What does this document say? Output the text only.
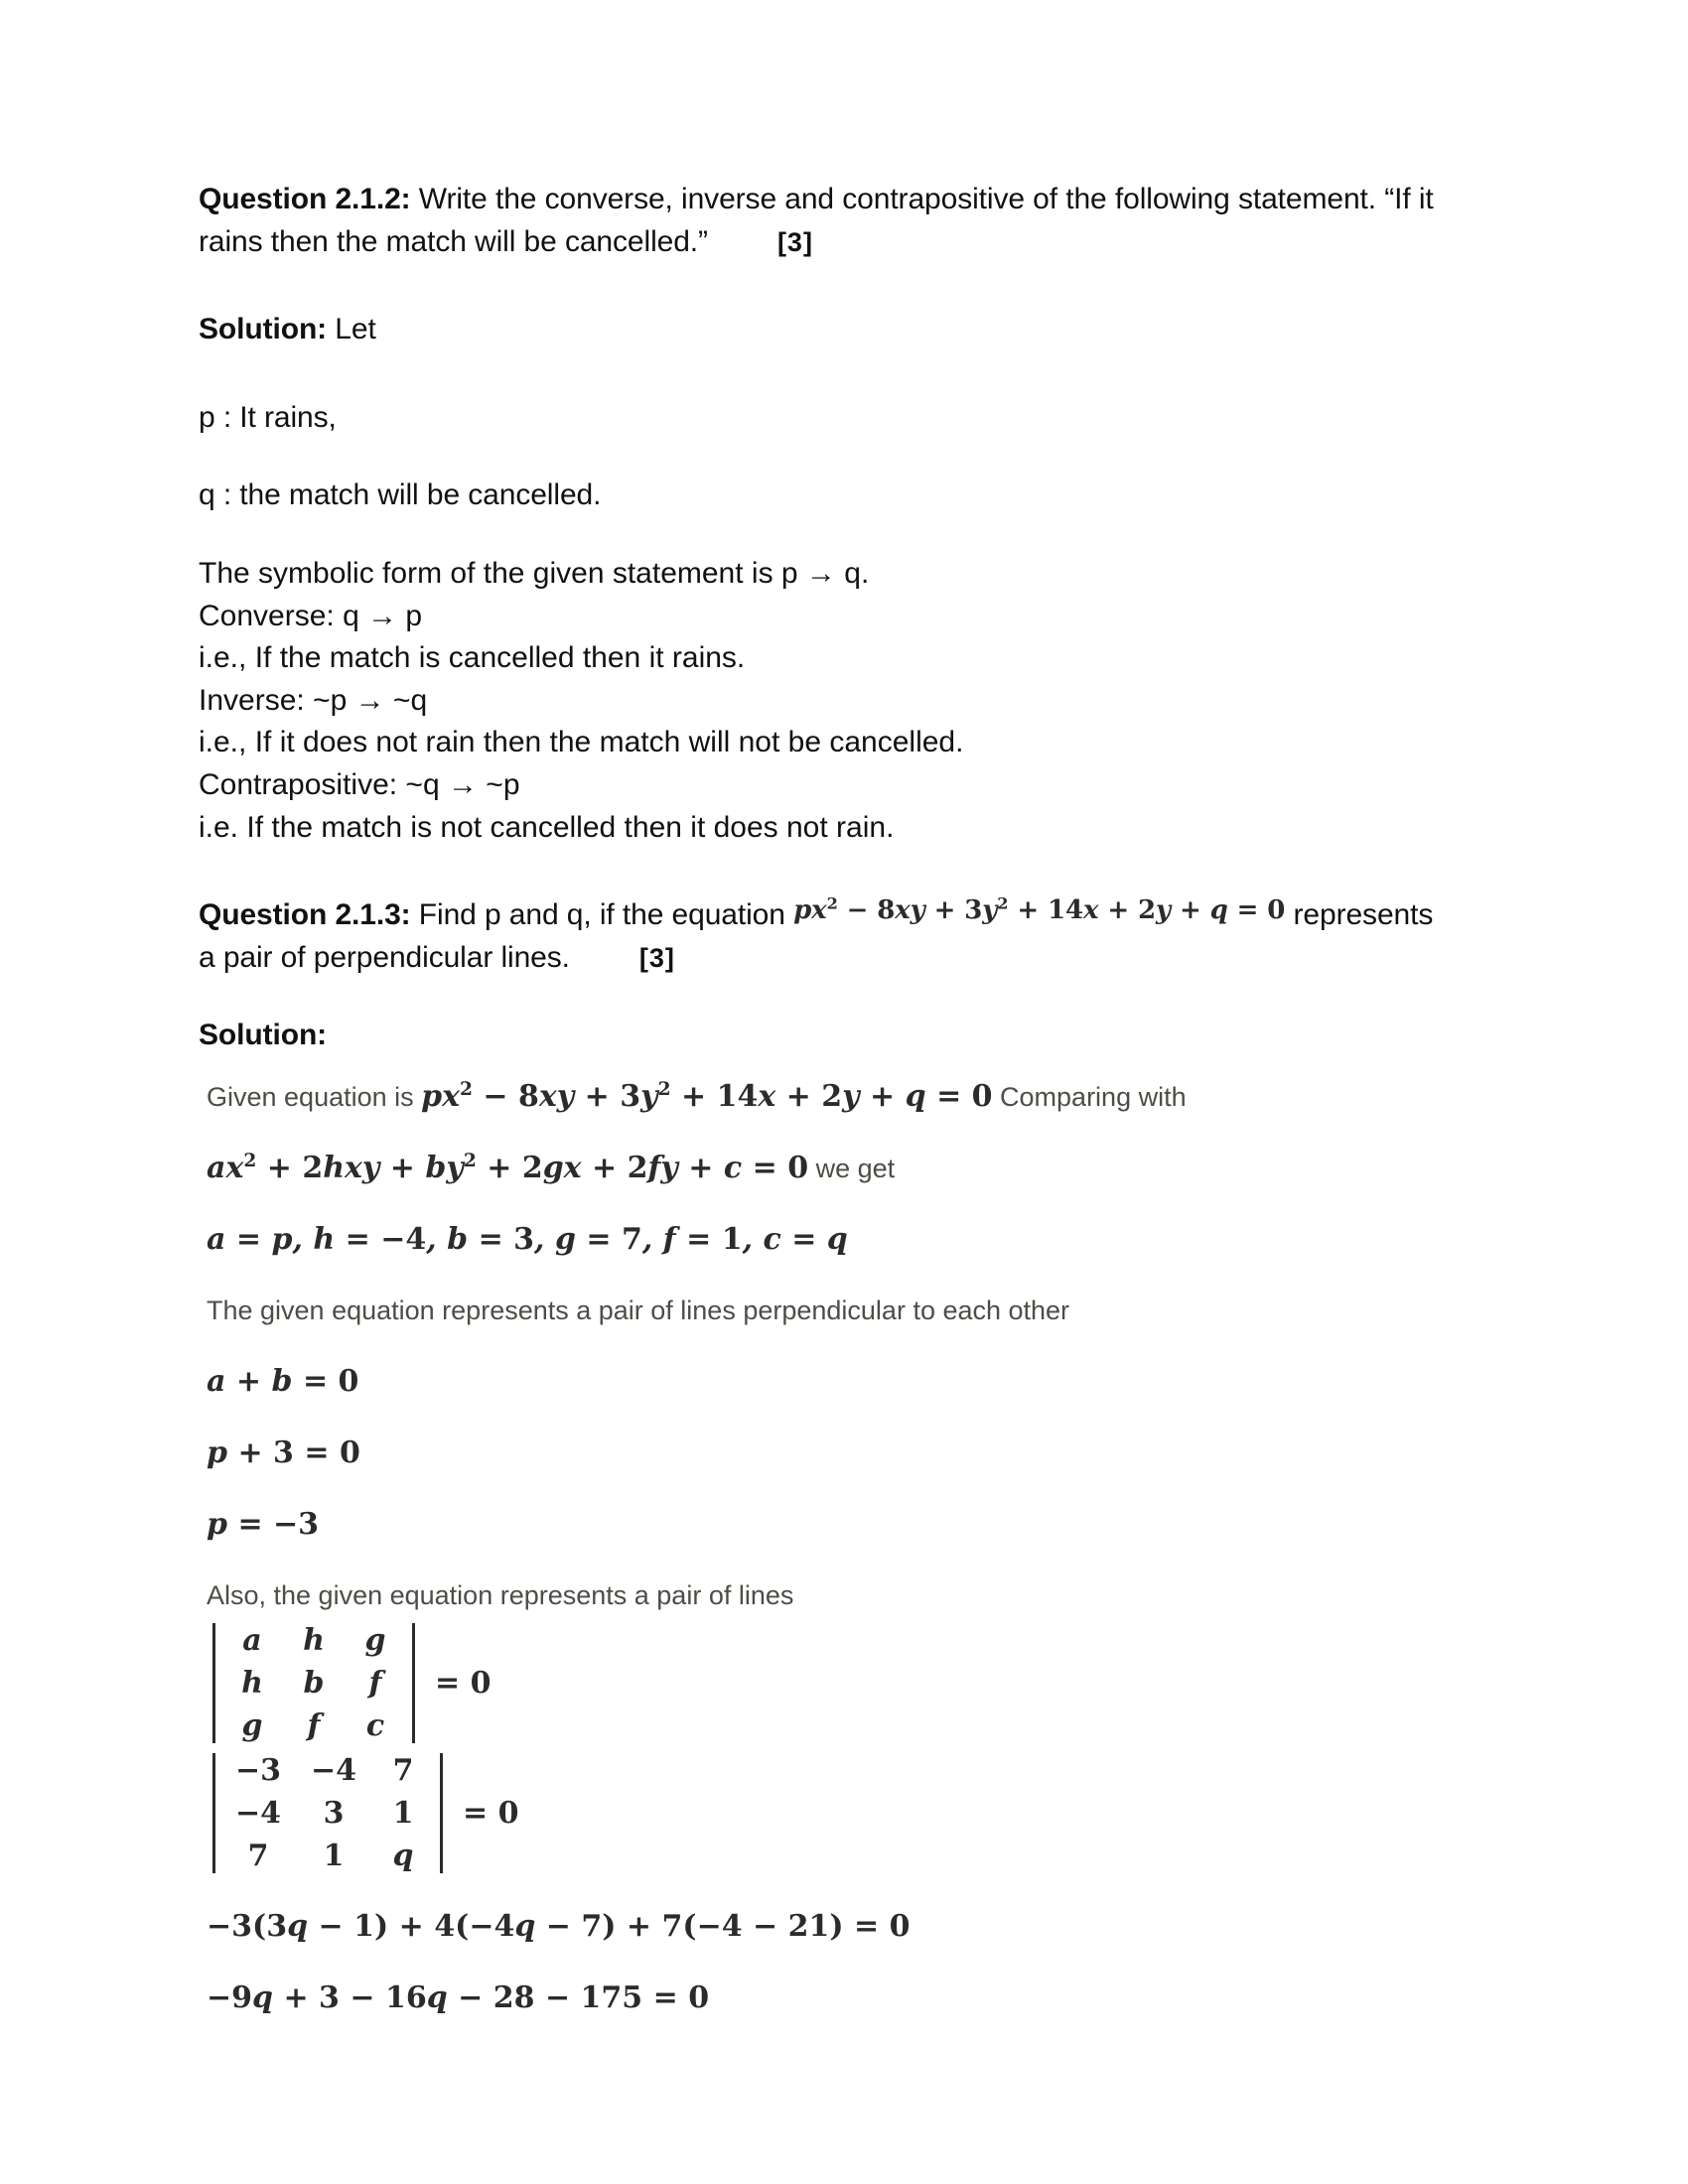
Question 2.1.2: Write the converse, inverse and contrapositive of the following statement. “If it rains then the match will be cancelled.”	[3]

Solution: Let

p : It rains,

q : the match will be cancelled.

The symbolic form of the given statement is p → q.
Converse: q → p
i.e., If the match is cancelled then it rains.
Inverse: ~p → ~q
i.e., If it does not rain then the match will not be cancelled.
Contrapositive: ~q → ~p
i.e. If the match is not cancelled then it does not rain.

Question 2.1.3: Find p and q, if the equation $px^2 - 8xy + 3y^2 + 14x + 2y + q = 0$ represents

a pair of perpendicular lines.	[3]

Solution:

Given equation is $px^2 - 8xy + 3y^2 + 14x + 2y + q = 0$ Comparing with
$ax^2 + 2hxy + by^2 + 2gx + 2fy + c = 0$ we get
a = p, h = −4, b = 3, g = 7, f = 1, c = q
The given equation represents a pair of lines perpendicular to each other
a + b = 0
p + 3 = 0
p = −3
Also, the given equation represents a pair of lines
a	h	g
h	b	f
g	f	c
= 0
−3 −4	7
−4	3	1
7	1	q
= 0
−3(3q − 1) + 4(−4q − 7) + 7(−4 − 21) = 0
−9q + 3 − 16q − 28 − 175 = 0
